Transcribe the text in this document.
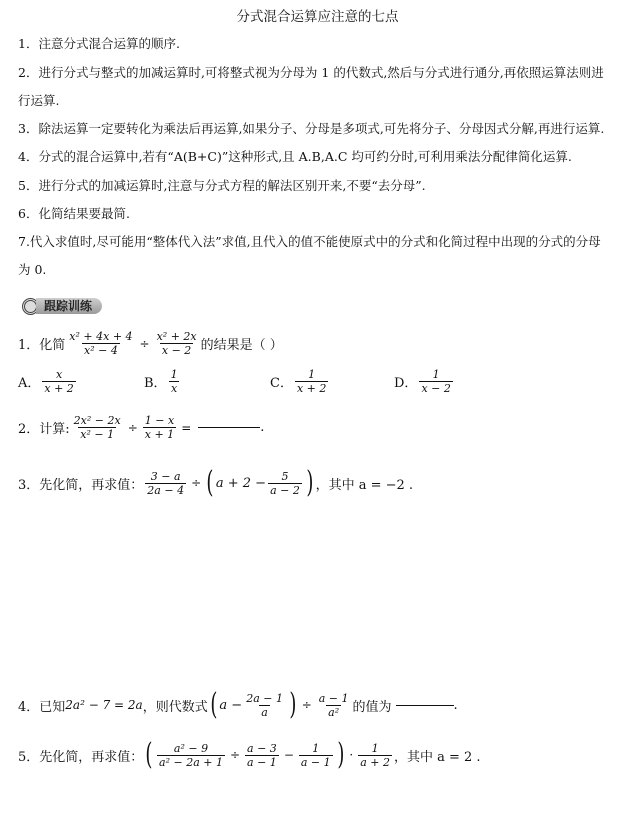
分式混合运算应注意的七点
1．注意分式混合运算的顺序.
2．进行分式与整式的加减运算时,可将整式视为分母为 1 的代数式,然后与分式进行通分,再依照运算法则进
行运算.
3．除法运算一定要转化为乘法后再运算,如果分子、分母是多项式,可先将分子、分母因式分解,再进行运算.
4．分式的混合运算中,若有“A(B+C)”这种形式,且 A.B,A.C 均可约分时,可利用乘法分配律简化运算.
5．进行分式的加减运算时,注意与分式方程的解法区别开来,不要“去分母”.
6．化简结果要最简.
7.代入求值时,尽可能用“整体代入法”求值,且代入的值不能使原式中的分式和化简过程中出现的分式的分母
为 0.
跟踪训练
1． 化简 $\frac{\text{x² + 4x + 4}}{\text{x² − 4}} \div \frac{\text{x² + 2x}}{x - 2}$ 的结果是（ ）
A． $\frac{x}{x + 2}$	B． $\frac{1}{x}$	C． $\frac{1}{x + 2}$	D． $\frac{1}{x - 2}$
2． 计算: $\frac{\text{2x² − 2x}}{\text{x² − 1}} \div \frac{1 - x}{x + 1}$ =	.
3． 先化简，再求值： $\frac{3 - a}{2a - 4}$ ÷ ( $a + 2 - \frac{5}{a - 2}$ ) ，其中 a = −2 .
4． 已知 2a² − 7 = 2a ，则代数式 ( $a - \frac{2a - 1}{a}$ ) ÷ $\frac{a - 1}{\text{a²}}$ 的值为	.
5． 先化简，再求值： ( $\frac{\text{a² − 9}}{\text{a² − 2a + 1}} \div \frac{a - 3}{a - 1} - \frac{1}{a - 1}$ ) · $\frac{1}{a + 2}$ ，其中 a = 2 .
